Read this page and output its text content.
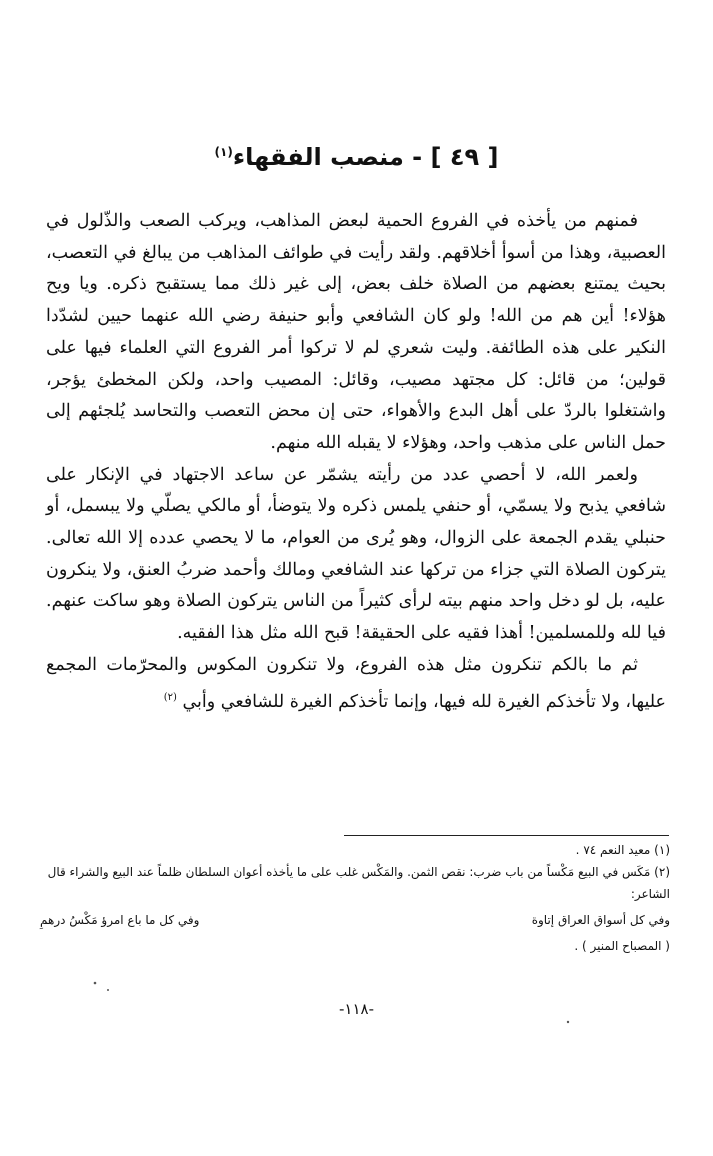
[ ٤٩ ] - منصب الفقهاء$^{(١)}$

فمنهم من يأخذه في الفروع الحمية لبعض المذاهب، ويركب الصعب والذّلول في العصبية، وهذا من أسوأ أخلاقهم. ولقد رأيت في طوائف المذاهب من يبالغ في التعصب، بحيث يمتنع بعضهم من الصلاة خلف بعض، إلى غير ذلك مما يستقبح ذكره. ويا ويح هؤلاء! أين هم من الله! ولو كان الشافعي وأبو حنيفة رضي الله عنهما حيين لشدّدا النكير على هذه الطائفة. وليت شعري لم لا تركوا أمر الفروع التي العلماء فيها على قولين؛ من قائل: كل مجتهد مصيب، وقائل: المصيب واحد، ولكن المخطئ يؤجر، واشتغلوا بالردّ على أهل البدع والأهواء، حتى إن محض التعصب والتحاسد يُلجئهم إلى حمل الناس على مذهب واحد، وهؤلاء لا يقبله الله منهم.

ولعمر الله، لا أحصي عدد من رأيته يشمّر عن ساعد الاجتهاد في الإنكار على شافعي يذبح ولا يسمّي، أو حنفي يلمس ذكره ولا يتوضأ، أو مالكي يصلّي ولا يبسمل، أو حنبلي يقدم الجمعة على الزوال، وهو يُرى من العوام، ما لا يحصي عدده إلا الله تعالى. يتركون الصلاة التي جزاء من تركها عند الشافعي ومالك وأحمد ضربُ العنق، ولا ينكرون عليه، بل لو دخل واحد منهم بيته لرأى كثيراً من الناس يتركون الصلاة وهو ساكت عنهم. فيا لله وللمسلمين! أهذا فقيه على الحقيقة! قبح الله مثل هذا الفقيه.

ثم ما بالكم تنكرون مثل هذه الفروع، ولا تنكرون المكوس والمحرّمات المجمع عليها، ولا تأخذكم الغيرة لله فيها، وإنما تأخذكم الغيرة للشافعي وأبي $^{(٢)}$

(١) معيد النعم ٧٤ .

(٢) مَكَس في البيع مَكْساً من باب ضرب: نقص الثمن. والمَكْس غلب على ما يأخذه أعوان السلطان ظلماً عند البيع والشراء قال الشاعر:

وفي كل أسواق العراق إتاوة
وفي كل ما باع امرؤ مَكْسُ درهمِ

( المصباح المنير ) .

-١١٨-
